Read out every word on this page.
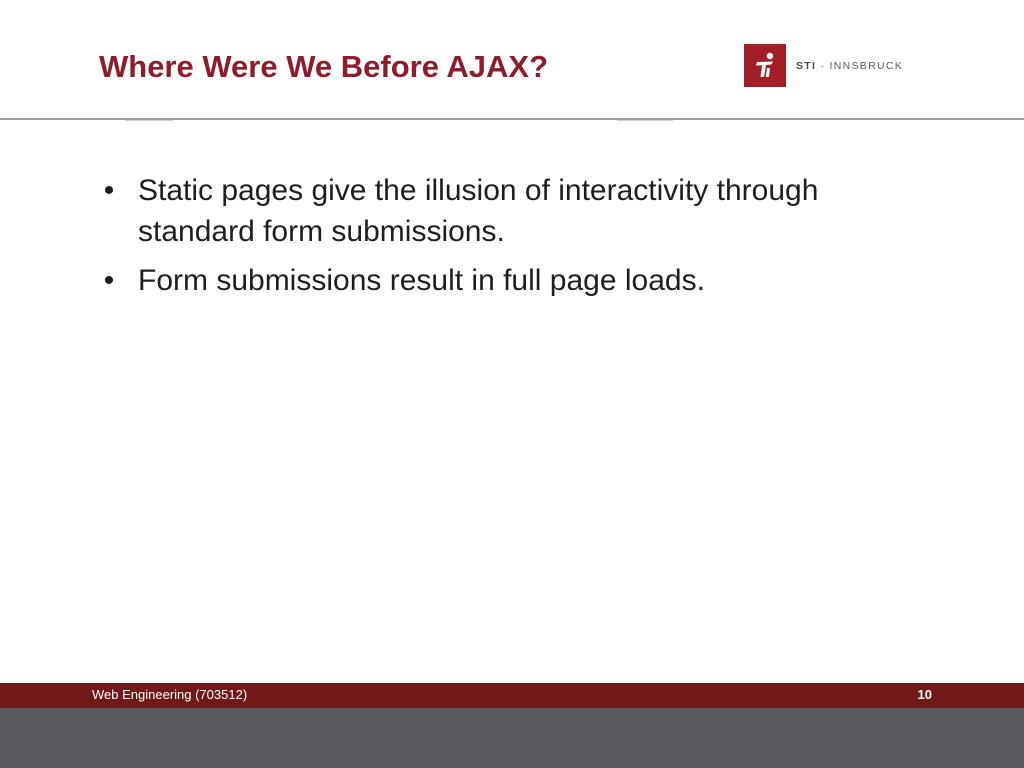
Where Were We Before AJAX?	STI · INNSBRUCK
• Static pages give the illusion of interactivity through standard form submissions.
• Form submissions result in full page loads.
Web Engineering (703512)	10
